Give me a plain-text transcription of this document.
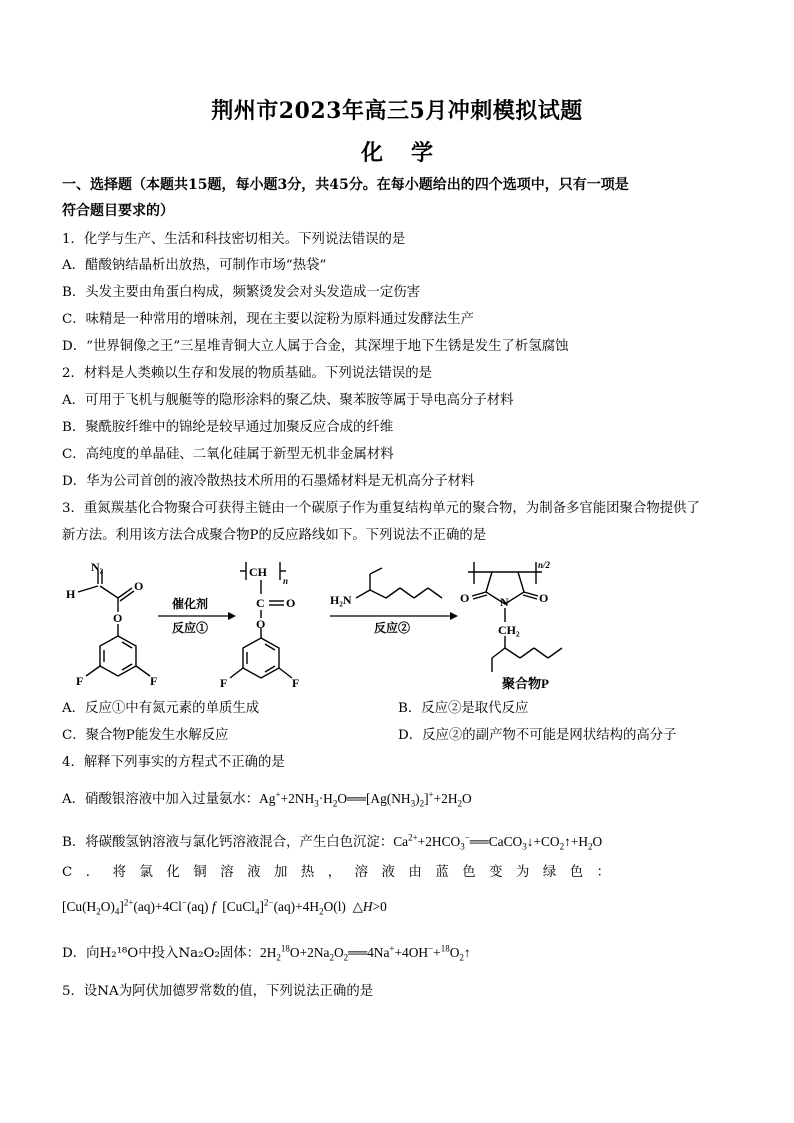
荆州市2023年高三5月冲刺模拟试题
化学
一、选择题（本题共15题，每小题3分，共45分。在每小题给出的四个选项中，只有一项是
符合题目要求的）
1．化学与生产、生活和科技密切相关。下列说法错误的是
A．醋酸钠结晶析出放热，可制作市场“热袋”
B．头发主要由角蛋白构成，频繁烫发会对头发造成一定伤害
C．味精是一种常用的增味剂，现在主要以淀粉为原料通过发酵法生产
D．“世界铜像之王”三星堆青铜大立人属于合金，其深埋于地下生锈是发生了析氢腐蚀
2．材料是人类赖以生存和发展的物质基础。下列说法错误的是
A．可用于飞机与舰艇等的隐形涂料的聚乙炔、聚苯胺等属于导电高分子材料
B．聚酰胺纤维中的锦纶是较早通过加聚反应合成的纤维
C．高纯度的单晶硅、二氧化硅属于新型无机非金属材料
D．华为公司首创的液冷散热技术所用的石墨烯材料是无机高分子材料
3．重氮羰基化合物聚合可获得主链由一个碳原子作为重复结构单元的聚合物，为制备多官能团聚合物提供了
新方法。利用该方法合成聚合物P的反应路线如下。下列说法不正确的是
N₂
H
O
O
F	F
催化剂
反应①
CH
n
C O
O
F	F
H₂N
反应②
n/2
O	O
N
CH₂
聚合物P
A．反应①中有氮元素的单质生成	B．反应②是取代反应
C．聚合物P能发生水解反应	D．反应②的副产物不可能是网状结构的高分子
4．解释下列事实的方程式不正确的是
A．硝酸银溶液中加入过量氨水：$Ag^++2NH_3\cdot H_2O══[Ag(NH_3)_2]^++2H_2O$
B．将碳酸氢钠溶液与氯化钙溶液混合，产生白色沉淀：$Ca^{2+}+2HCO_3^-══CaCO_3↓+CO_2↑+H_2O$
C．将氯化铜溶液加热，溶液由蓝色变为绿色：
$[Cu(H_2O)_4]^{2+}(aq)+4Cl^-(aq)$ f  $[CuCl_4]^{2-}(aq)+4H_2O(l)$  △H>0
D．向H₂¹⁸O中投入Na₂O₂固体：$2H_2^{18}O+2Na_2O_2══4Na^++4OH^-+^{18}O_2↑$
5．设NA为阿伏加德罗常数的值，下列说法正确的是
